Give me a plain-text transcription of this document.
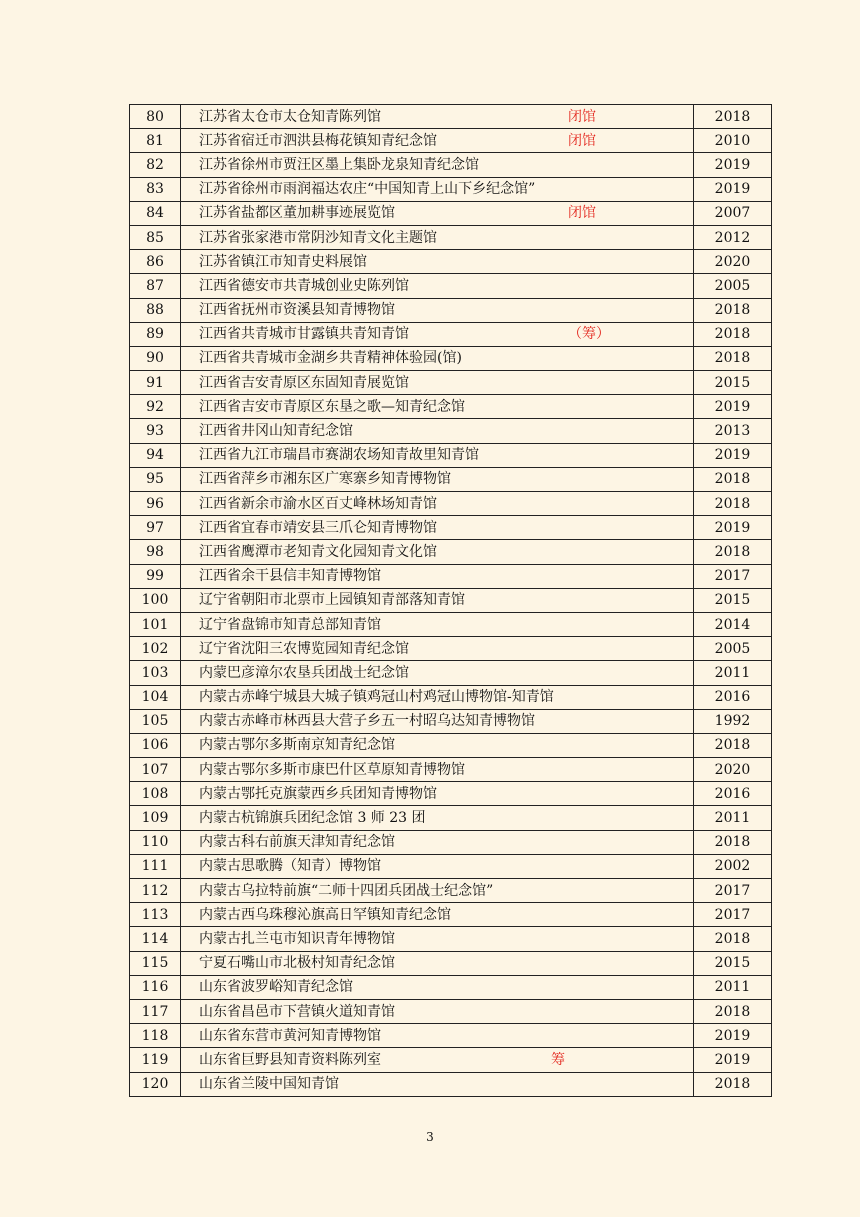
80	江苏省太仓市太仓知青陈列馆 闭馆	2018
81	江苏省宿迁市泗洪县梅花镇知青纪念馆 闭馆	2010
82	江苏省徐州市贾汪区墨上集卧龙泉知青纪念馆	2019
83	江苏省徐州市雨润福达农庄“中国知青上山下乡纪念馆”	2019
84	江苏省盐都区董加耕事迹展览馆 闭馆	2007
85	江苏省张家港市常阴沙知青文化主题馆	2012
86	江苏省镇江市知青史料展馆	2020
87	江西省德安市共青城创业史陈列馆	2005
88	江西省抚州市资溪县知青博物馆	2018
89	江西省共青城市甘露镇共青知青馆 （筹）	2018
90	江西省共青城市金湖乡共青精神体验园(馆)	2018
91	江西省吉安青原区东固知青展览馆	2015
92	江西省吉安市青原区东垦之歌—知青纪念馆	2019
93	江西省井冈山知青纪念馆	2013
94	江西省九江市瑞昌市赛湖农场知青故里知青馆	2019
95	江西省萍乡市湘东区广寒寨乡知青博物馆	2018
96	江西省新余市渝水区百丈峰林场知青馆	2018
97	江西省宜春市靖安县三爪仑知青博物馆	2019
98	江西省鹰潭市老知青文化园知青文化馆	2018
99	江西省余干县信丰知青博物馆	2017
100	辽宁省朝阳市北票市上园镇知青部落知青馆	2015
101	辽宁省盘锦市知青总部知青馆	2014
102	辽宁省沈阳三农博览园知青纪念馆	2005
103	内蒙巴彦漳尔农垦兵团战士纪念馆	2011
104	内蒙古赤峰宁城县大城子镇鸡冠山村鸡冠山博物馆-知青馆	2016
105	内蒙古赤峰市林西县大营子乡五一村昭乌达知青博物馆	1992
106	内蒙古鄂尔多斯南京知青纪念馆	2018
107	内蒙古鄂尔多斯市康巴什区草原知青博物馆	2020
108	内蒙古鄂托克旗蒙西乡兵团知青博物馆	2016
109	内蒙古杭锦旗兵团纪念馆 3 师 23 团	2011
110	内蒙古科右前旗天津知青纪念馆	2018
111	内蒙古思歌腾（知青）博物馆	2002
112	内蒙古乌拉特前旗“二师十四团兵团战士纪念馆”	2017
113	内蒙古西乌珠穆沁旗高日罕镇知青纪念馆	2017
114	内蒙古扎兰屯市知识青年博物馆	2018
115	宁夏石嘴山市北极村知青纪念馆	2015
116	山东省波罗峪知青纪念馆	2011
117	山东省昌邑市下营镇火道知青馆	2018
118	山东省东营市黄河知青博物馆	2019
119	山东省巨野县知青资料陈列室 筹	2019
120	山东省兰陵中国知青馆	2018
3
